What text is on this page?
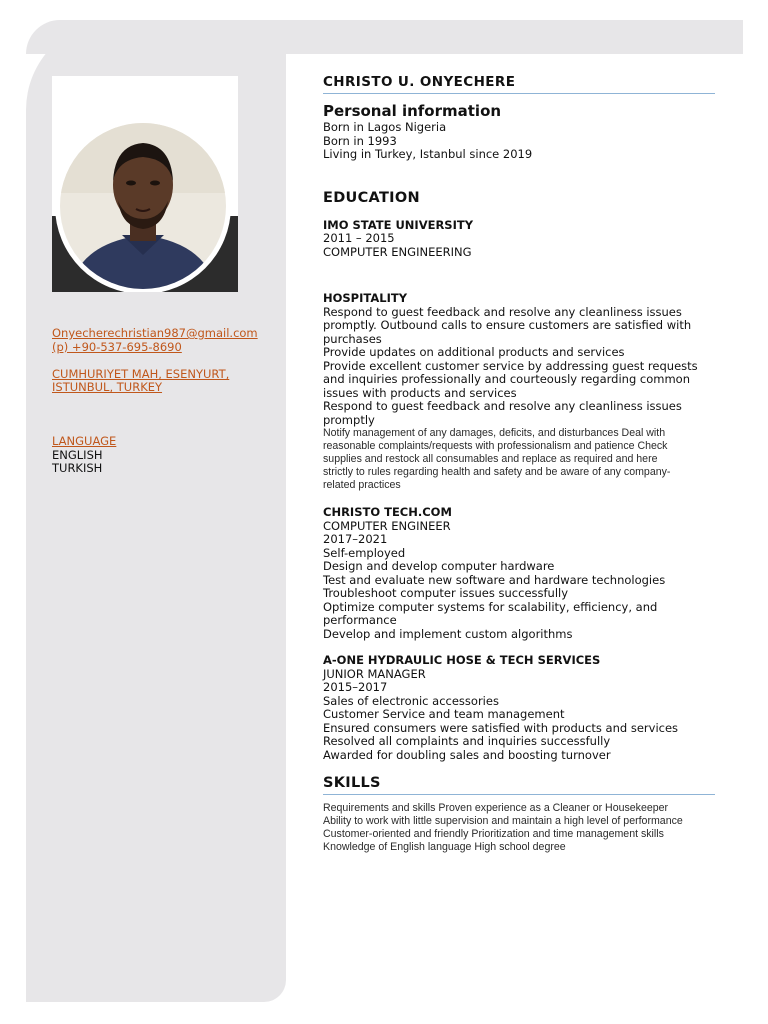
Onyecherechristian987@gmail.com
(p) +90-537-695-8690
CUMHURIYET MAH, ESENYURT,
ISTUNBUL, TURKEY
LANGUAGE
ENGLISH
TURKISH
CHRISTO U. ONYECHERE
Personal information
Born in Lagos Nigeria
Born in 1993
Living in Turkey, Istanbul since 2019
EDUCATION
IMO STATE UNIVERSITY
2011 – 2015
COMPUTER ENGINEERING
HOSPITALITY
Respond to guest feedback and resolve any cleanliness issues
promptly. Outbound calls to ensure customers are satisfied with
purchases
Provide updates on additional products and services
Provide excellent customer service by addressing guest requests
and inquiries professionally and courteously regarding common
issues with products and services
Respond to guest feedback and resolve any cleanliness issues
promptly
Notify management of any damages, deficits, and disturbances Deal with
reasonable complaints/requests with professionalism and patience Check
supplies and restock all consumables and replace as required and here
strictly to rules regarding health and safety and be aware of any company-
related practices
CHRISTO TECH.COM
COMPUTER ENGINEER
2017–2021
Self-employed
Design and develop computer hardware
Test and evaluate new software and hardware technologies
Troubleshoot computer issues successfully
Optimize computer systems for scalability, efficiency, and
performance
Develop and implement custom algorithms
A-ONE HYDRAULIC HOSE & TECH SERVICES
JUNIOR MANAGER
2015–2017
Sales of electronic accessories
Customer Service and team management
Ensured consumers were satisfied with products and services
Resolved all complaints and inquiries successfully
Awarded for doubling sales and boosting turnover
SKILLS
Requirements and skills Proven experience as a Cleaner or Housekeeper
Ability to work with little supervision and maintain a high level of performance
Customer-oriented and friendly Prioritization and time management skills
Knowledge of English language High school degree
